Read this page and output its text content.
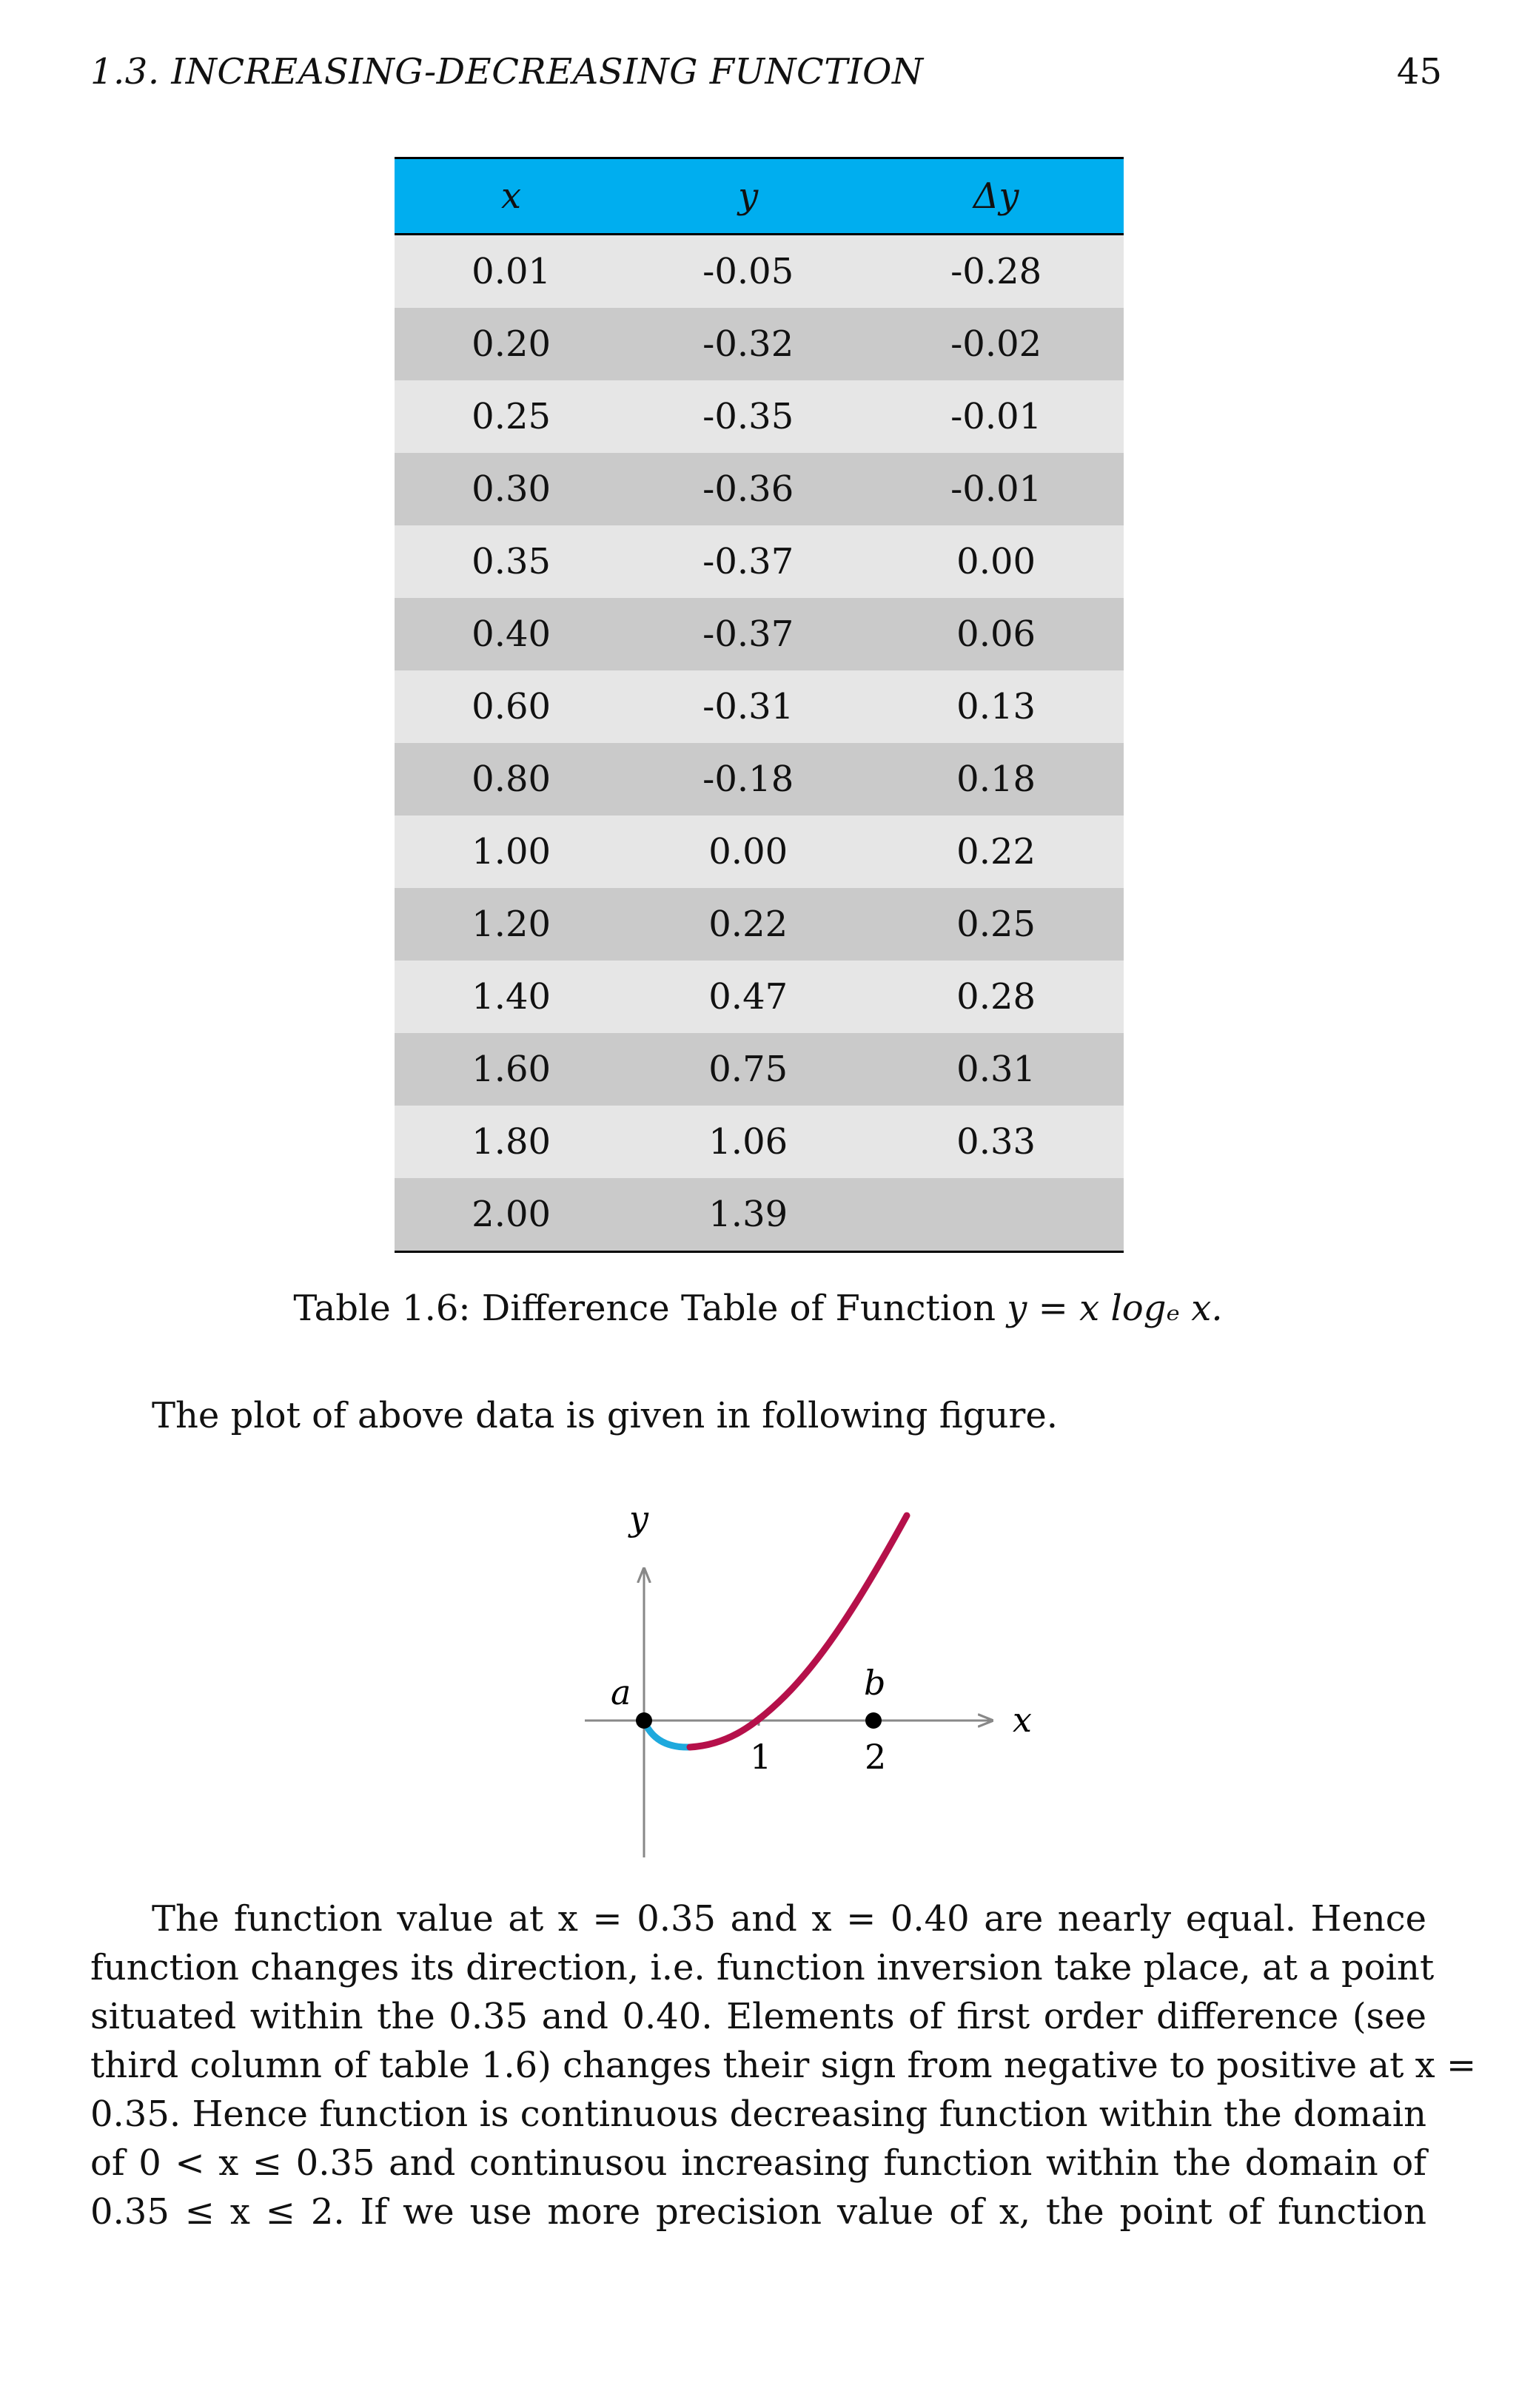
1.3. INCREASING-DECREASING FUNCTION	45
x	y	Δy
0.01	-0.05	-0.28
0.20	-0.32	-0.02
0.25	-0.35	-0.01
0.30	-0.36	-0.01
0.35	-0.37	0.00
0.40	-0.37	0.06
0.60	-0.31	0.13
0.80	-0.18	0.18
1.00	0.00	0.22
1.20	0.22	0.25
1.40	0.47	0.28
1.60	0.75	0.31
1.80	1.06	0.33
2.00	1.39	
Table 1.6: Difference Table of Function y = x logₑ x.
The plot of above data is given in following figure.
y
x
a	b
1	2
The function value at x = 0.35 and x = 0.40 are nearly equal. Hence
function changes its direction, i.e. function inversion take place, at a point
situated within the 0.35 and 0.40. Elements of first order difference (see
third column of table 1.6) changes their sign from negative to positive at x =
0.35. Hence function is continuous decreasing function within the domain
of 0 < x ≤ 0.35 and continusou increasing function within the domain of
0.35 ≤ x ≤ 2. If we use more precision value of x, the point of function
